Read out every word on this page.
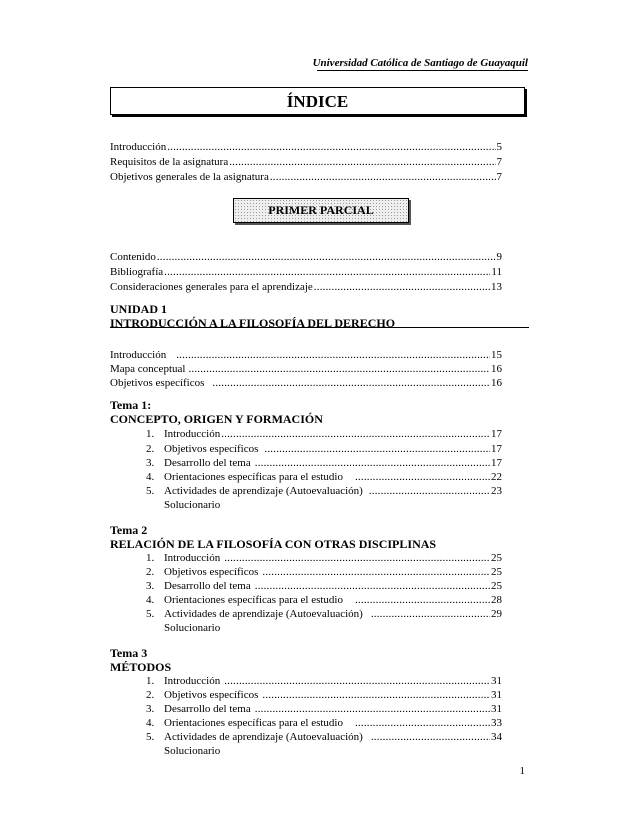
Universidad Católica de Santiago de Guayaquil
ÍNDICE
Introducción .....	5
Requisitos de la asignatura .....	7
Objetivos generales de la asignatura .....	7
PRIMER PARCIAL
Contenido .....	9
Bibliografía .....	11
Consideraciones generales para el aprendizaje .....	13
UNIDAD 1
INTRODUCCIÓN A LA FILOSOFÍA DEL DERECHO
Introducción .....	15
Mapa conceptual .....	16
Objetivos específicos .....	16
Tema 1:
CONCEPTO, ORIGEN Y FORMACIÓN
1. Introducción .....	17
2. Objetivos específicos .....	17
3. Desarrollo del tema .....	17
4. Orientaciones específicas para el estudio .....	22
5. Actividades de aprendizaje (Autoevaluación) .....	23
Solucionario
Tema 2
RELACIÓN DE LA FILOSOFÍA CON OTRAS DISCIPLINAS
1. Introducción .....	25
2. Objetivos específicos .....	25
3. Desarrollo del tema .....	25
4. Orientaciones específicas para el estudio .....	28
5. Actividades de aprendizaje (Autoevaluación) .....	29
Solucionario
Tema 3
MÉTODOS
1. Introducción .....	31
2. Objetivos específicos .....	31
3. Desarrollo del tema .....	31
4. Orientaciones específicas para el estudio .....	33
5. Actividades de aprendizaje (Autoevaluación) .....	34
Solucionario
1
